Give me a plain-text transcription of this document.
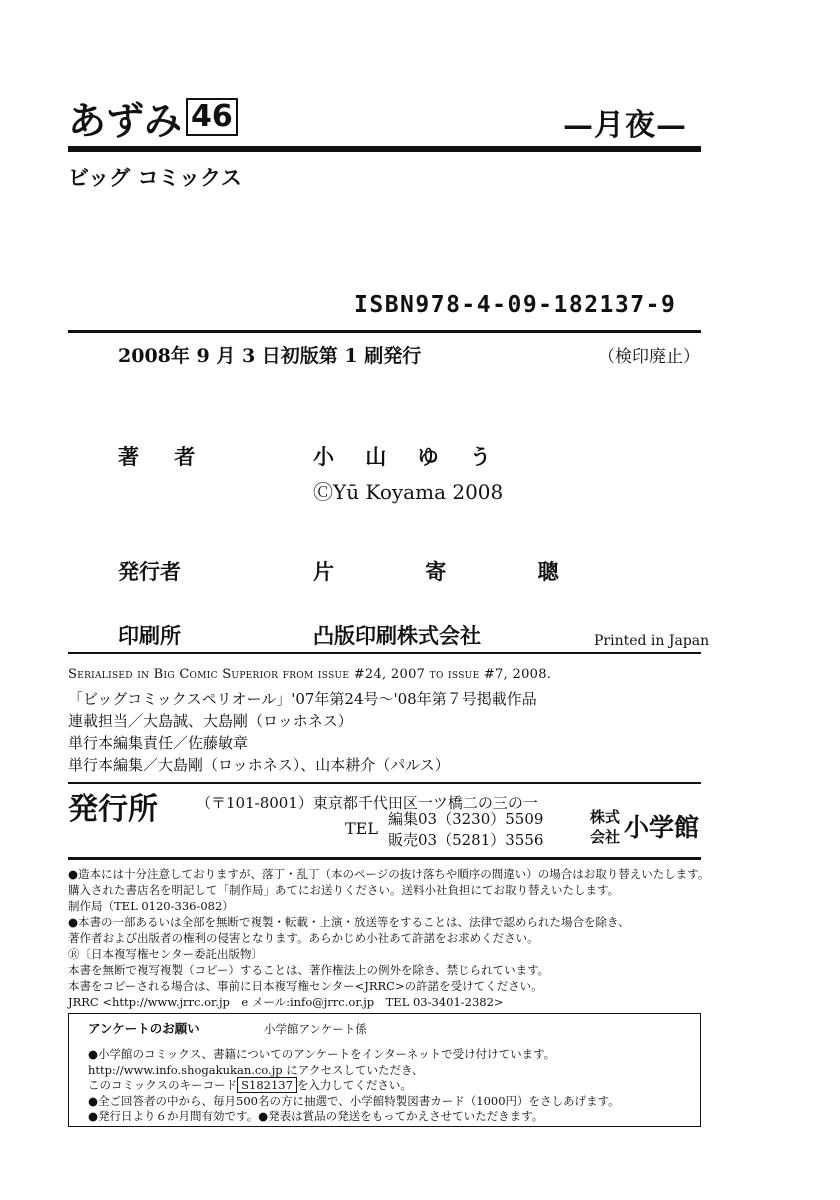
あずみ 46	—月夜—
ビッグ コミックス
ISBN978-4-09-182137-9
2008年 9 月 3 日初版第 1 刷発行	（検印廃止）
著 者	小 山 ゆ う
ⒸYū Koyama 2008
発行者	片 寄 聰
印刷所	凸版印刷株式会社	Printed in Japan
Serialised in Big Comic Superior from issue #24, 2007 to issue #7, 2008.
「ビッグコミックスペリオール」'07年第24号～'08年第７号掲載作品
連載担当／大島誠、大島剛（ロッホネス）
単行本編集責任／佐藤敏章
単行本編集／大島剛（ロッホネス）、山本耕介（パルス）
発行所	（〒101-8001）東京都千代田区一ツ橋二の三の一
TEL 編集03（3230）5509
販売03（5281）3556
株式
会社 小学館
●造本には十分注意しておりますが、落丁・乱丁（本のページの抜け落ちや順序の間違い）の場合はお取り替えいたします。
購入された書店名を明記して「制作局」あてにお送りください。送料小社負担にてお取り替えいたします。
制作局（TEL 0120-336-082）
●本書の一部あるいは全部を無断で複製・転載・上演・放送等をすることは、法律で認められた場合を除き、
著作者および出版者の権利の侵害となります。あらかじめ小社あて許諾をお求めください。
Ⓡ〔日本複写権センター委託出版物〕
本書を無断で複写複製（コピー）することは、著作権法上の例外を除き、禁じられています。
本書をコピーされる場合は、事前に日本複写権センター<JRRC>の許諾を受けてください。
JRRC <http://www.jrrc.or.jp　e メール:info@jrrc.or.jp　TEL 03-3401-2382>
アンケートのお願い	小学館アンケート係
●小学館のコミックス、書籍についてのアンケートをインターネットで受け付けています。
http://www.info.shogakukan.co.jp にアクセスしていただき、
このコミックスのキーコード S182137 を入力してください。
●全ご回答者の中から、毎月500名の方に抽選で、小学館特製図書カード（1000円）をさしあげます。
●発行日より６か月間有効です。●発表は賞品の発送をもってかえさせていただきます。
